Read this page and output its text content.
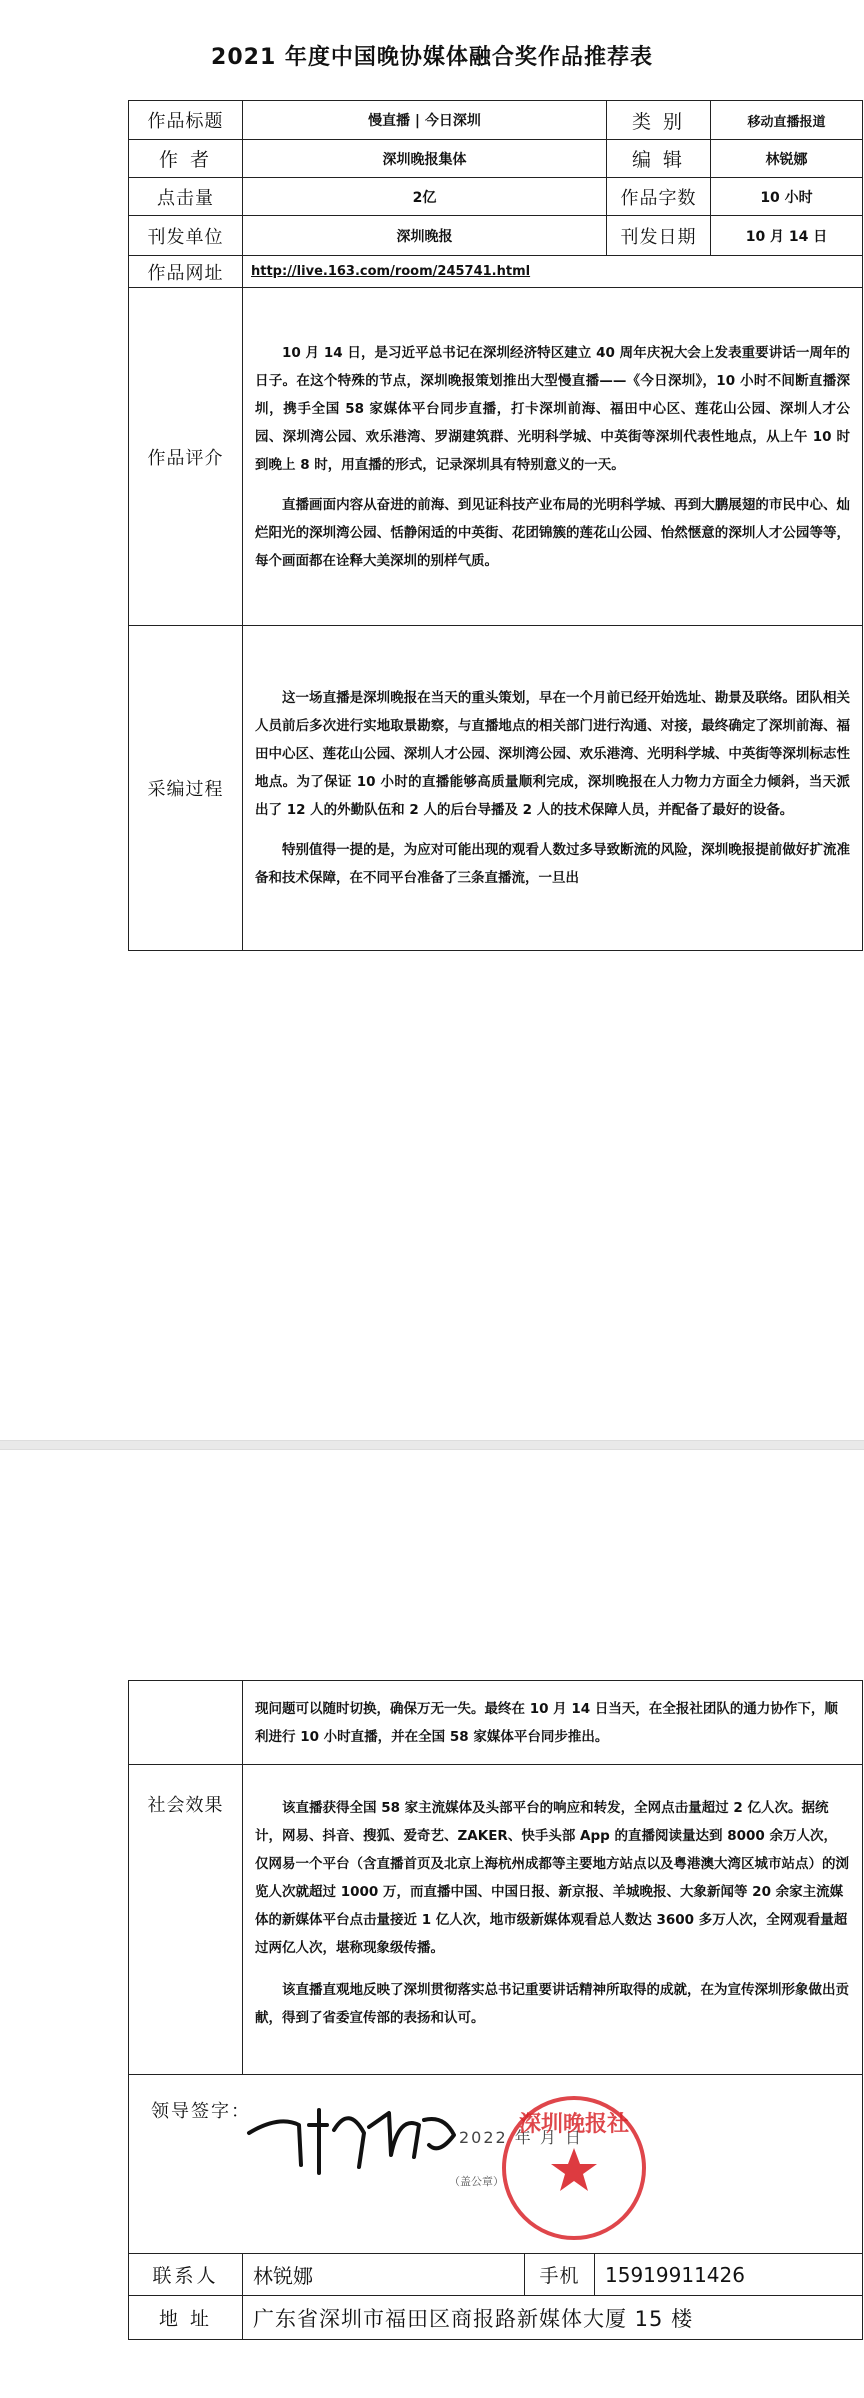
2021 年度中国晚协媒体融合奖作品推荐表
作品标题	慢直播 | 今日深圳	类 别	移动直播报道
作 者	深圳晚报集体	编 辑	林锐娜
点击量	2亿	作品字数	10 小时
刊发单位	深圳晚报	刊发日期	10 月 14 日
作品网址	http://live.163.com/room/245741.html		
作品评介	10 月 14 日，是习近平总书记在深圳经济特区建立 40 周年庆祝大会上发表重要讲话一周年的日子。在这个特殊的节点，深圳晚报策划推出大型慢直播——《今日深圳》，10 小时不间断直播深圳，携手全国 58 家媒体平台同步直播，打卡深圳前海、福田中心区、莲花山公园、深圳人才公园、深圳湾公园、欢乐港湾、罗湖建筑群、光明科学城、中英街等深圳代表性地点，从上午 10 时到晚上 8 时，用直播的形式，记录深圳具有特别意义的一天。

直播画面内容从奋进的前海、到见证科技产业布局的光明科学城、再到大鹏展翅的市民中心、灿烂阳光的深圳湾公园、恬静闲适的中英街、花团锦簇的莲花山公园、怡然惬意的深圳人才公园等等，每个画面都在诠释大美深圳的别样气质。		

采编过程	这一场直播是深圳晚报在当天的重头策划，早在一个月前已经开始选址、勘景及联络。团队相关人员前后多次进行实地取景勘察，与直播地点的相关部门进行沟通、对接，最终确定了深圳前海、福田中心区、莲花山公园、深圳人才公园、深圳湾公园、欢乐港湾、光明科学城、中英街等深圳标志性地点。为了保证 10 小时的直播能够高质量顺利完成，深圳晚报在人力物力方面全力倾斜，当天派出了 12 人的外勤队伍和 2 人的后台导播及 2 人的技术保障人员，并配备了最好的设备。

特别值得一提的是，为应对可能出现的观看人数过多导致断流的风险，深圳晚报提前做好扩流准备和技术保障，在不同平台准备了三条直播流，一旦出		

	现问题可以随时切换，确保万无一失。最终在 10 月 14 日当天，在全报社团队的通力协作下，顺利进行 10 小时直播，并在全国 58 家媒体平台同步推出。		
社会效果	该直播获得全国 58 家主流媒体及头部平台的响应和转发，全网点击量超过 2 亿人次。据统计，网易、抖音、搜狐、爱奇艺、ZAKER、快手头部 App 的直播阅读量达到 8000 余万人次，仅网易一个平台（含直播首页及北京上海杭州成都等主要地方站点以及粤港澳大湾区城市站点）的浏览人次就超过 1000 万，而直播中国、中国日报、新京报、羊城晚报、大象新闻等 20 余家主流媒体的新媒体平台点击量接近 1 亿人次，地市级新媒体观看总人数达 3600 多万人次，全网观看量超过两亿人次，堪称现象级传播。

该直播直观地反映了深圳贯彻落实总书记重要讲话精神所取得的成就，在为宣传深圳形象做出贡献，得到了省委宣传部的表扬和认可。		

领导签字：
2022 年 月 日
（盖公章）
深圳晚报社			

联系人	林锐娜	手机	15919911426
地 址	广东省深圳市福田区商报路新媒体大厦 15 楼		
